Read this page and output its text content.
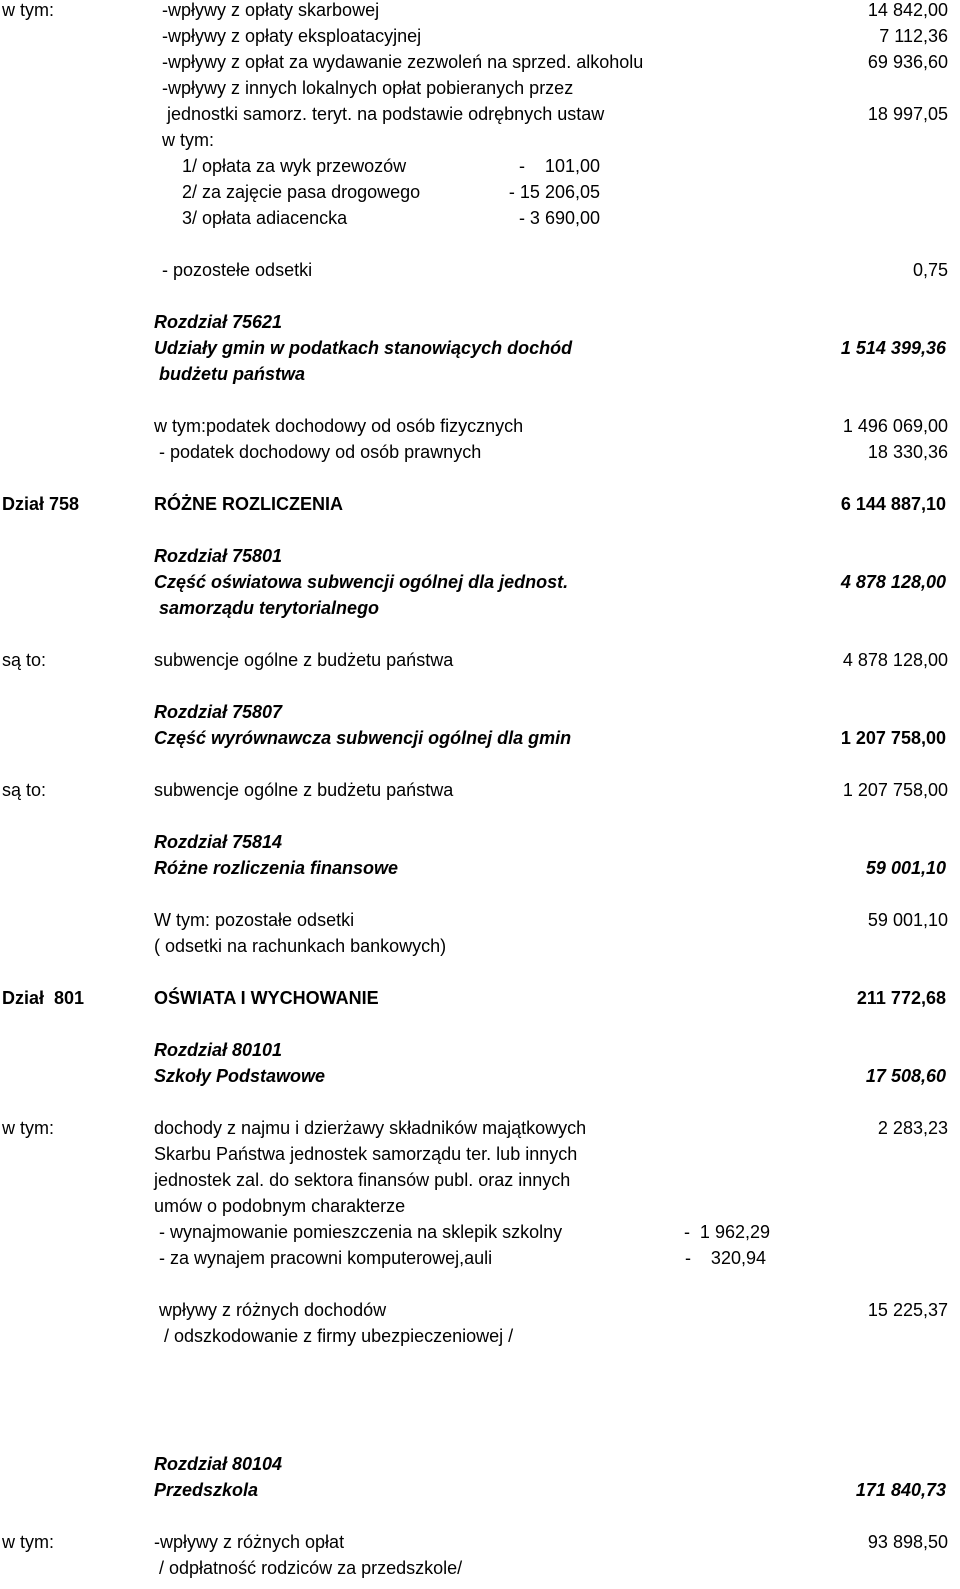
w tym:	-wpływy z opłaty skarbowej	14 842,00
-wpływy z opłaty eksploatacyjnej	7 112,36
-wpływy z opłat za wydawanie zezwoleń na sprzed. alkoholu	69 936,60
-wpływy z innych lokalnych opłat pobieranych przez
jednostki samorz. teryt. na podstawie odrębnych ustaw	18 997,05
w tym:
1/ opłata za wyk przewozów	-    101,00
2/ za zajęcie pasa drogowego	- 15 206,05
3/ opłata adiacencka	- 3 690,00
- pozostełe odsetki	0,75
Rozdział 75621
Udziały gmin w podatkach stanowiących dochód	1 514 399,36
budżetu państwa
w tym:podatek dochodowy od osób fizycznych	1 496 069,00
- podatek dochodowy od osób prawnych	18 330,36
Dział 758	RÓŻNE ROZLICZENIA	6 144 887,10
Rozdział 75801
Część oświatowa subwencji ogólnej dla jednost.	4 878 128,00
samorządu terytorialnego
są to:	subwencje ogólne z budżetu państwa	4 878 128,00
Rozdział 75807
Część wyrównawcza subwencji ogólnej dla gmin	1 207 758,00
są to:	subwencje ogólne z budżetu państwa	1 207 758,00
Rozdział 75814
Różne rozliczenia finansowe	59 001,10
W tym: pozostałe odsetki	59 001,10
( odsetki na rachunkach bankowych)
Dział  801	OŚWIATA I WYCHOWANIE	211 772,68
Rozdział 80101
Szkoły Podstawowe	17 508,60
w tym:	dochody z najmu i dzierżawy składników majątkowych	2 283,23
Skarbu Państwa jednostek samorządu ter. lub innych
jednostek zal. do sektora finansów publ. oraz innych
umów o podobnym charakterze
- wynajmowanie pomieszczenia na sklepik szkolny	-  1 962,29
- za wynajem pracowni komputerowej,auli	-    320,94
wpływy z różnych dochodów	15 225,37
/ odszkodowanie z firmy ubezpieczeniowej /
Rozdział 80104
Przedszkola	171 840,73
w tym:	-wpływy z różnych opłat	93 898,50
/ odpłatność rodziców za przedszkole/
